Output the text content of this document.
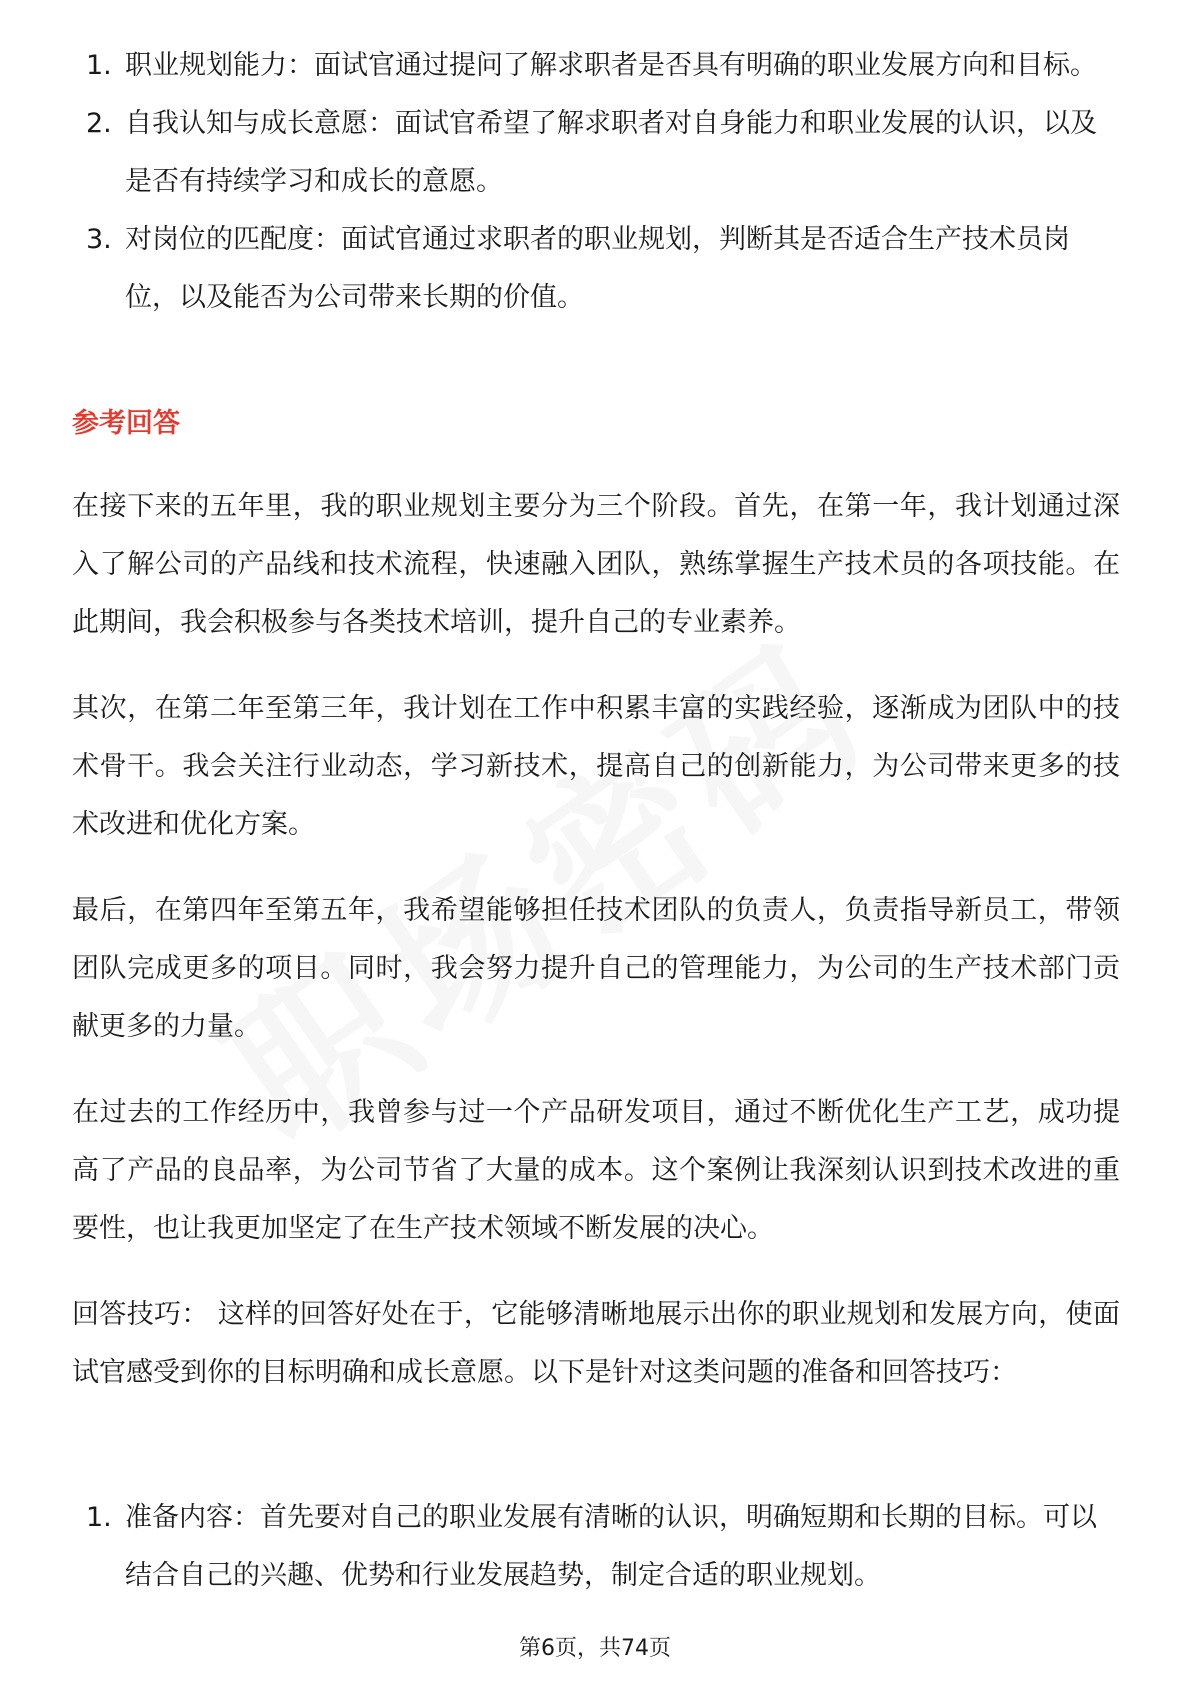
1. 职业规划能力：面试官通过提问了解求职者是否具有明确的职业发展方向和目标。
2. 自我认知与成长意愿：面试官希望了解求职者对自身能力和职业发展的认识，以及是否有持续学习和成长的意愿。
3. 对岗位的匹配度：面试官通过求职者的职业规划，判断其是否适合生产技术员岗位，以及能否为公司带来长期的价值。
参考回答

在接下来的五年里，我的职业规划主要分为三个阶段。首先，在第一年，我计划通过深入了解公司的产品线和技术流程，快速融入团队，熟练掌握生产技术员的各项技能。在此期间，我会积极参与各类技术培训，提升自己的专业素养。

其次，在第二年至第三年，我计划在工作中积累丰富的实践经验，逐渐成为团队中的技术骨干。我会关注行业动态，学习新技术，提高自己的创新能力，为公司带来更多的技术改进和优化方案。

最后，在第四年至第五年，我希望能够担任技术团队的负责人，负责指导新员工，带领团队完成更多的项目。同时，我会努力提升自己的管理能力，为公司的生产技术部门贡献更多的力量。

在过去的工作经历中，我曾参与过一个产品研发项目，通过不断优化生产工艺，成功提高了产品的良品率，为公司节省了大量的成本。这个案例让我深刻认识到技术改进的重要性，也让我更加坚定了在生产技术领域不断发展的决心。

回答技巧： 这样的回答好处在于，它能够清晰地展示出你的职业规划和发展方向，使面试官感受到你的目标明确和成长意愿。以下是针对这类问题的准备和回答技巧：

1. 准备内容：首先要对自己的职业发展有清晰的认识，明确短期和长期的目标。可以结合自己的兴趣、优势和行业发展趋势，制定合适的职业规划。
第6页，共74页
